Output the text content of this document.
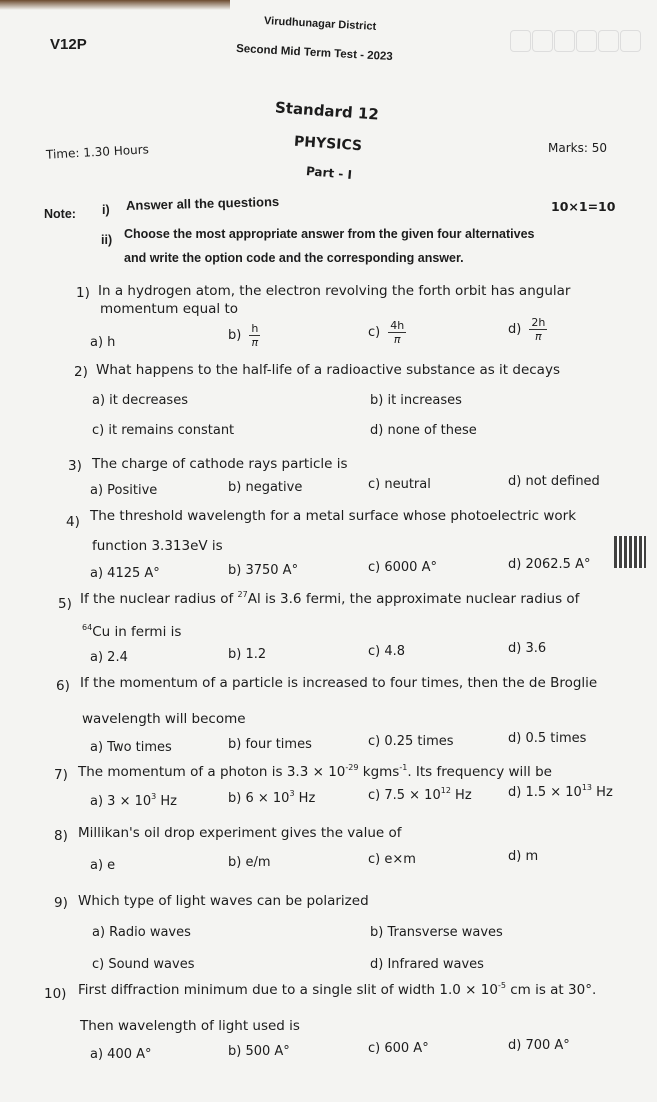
V12P
Virudhunagar District
Second Mid Term Test - 2023
Standard 12
PHYSICS
Time: 1.30 Hours	Marks: 50
Part - I
Note: i) Answer all the questions	10×1=10
ii) Choose the most appropriate answer from the given four alternatives
and write the option code and the corresponding answer.
1) In a hydrogen atom, the electron revolving the forth orbit has angular
momentum equal to
a) h	$b) \frac{h}{\pi}$	$c) \frac{4h}{\pi}$	$d) \frac{2h}{\pi}$
2) What happens to the half-life of a radioactive substance as it decays
a) it decreases	b) it increases
c) it remains constant	d) none of these
3) The charge of cathode rays particle is
a) Positive	b) negative	c) neutral	d) not defined
4) The threshold wavelength for a metal surface whose photoelectric work
function 3.313eV is
a) 4125 A°	b) 3750 A°	c) 6000 A°	d) 2062.5 A°
5) If the nuclear radius of $^{27}$Al is 3.6 fermi, the approximate nuclear radius of
$^{64}$Cu in fermi is
a) 2.4	b) 1.2	c) 4.8	d) 3.6
6) If the momentum of a particle is increased to four times, then the de Broglie
wavelength will become
a) Two times	b) four times	c) 0.25 times	d) 0.5 times
7) The momentum of a photon is $3.3 \times 10^{-29}$ kgms$^{-1}$. Its frequency will be
a) $3 \times 10^3$ Hz	b) $6 \times 10^3$ Hz	c) $7.5 \times 10^{12}$ Hz	d) $1.5 \times 10^{13}$ Hz
8) Millikan's oil drop experiment gives the value of
a) e	b) e/m	c) e×m	d) m
9) Which type of light waves can be polarized
a) Radio waves	b) Transverse waves
c) Sound waves	d) Infrared waves
10) First diffraction minimum due to a single slit of width $1.0 \times 10^{-5}$ cm is at 30°.
Then wavelength of light used is
a) 400 A°	b) 500 A°	c) 600 A°	d) 700 A°
